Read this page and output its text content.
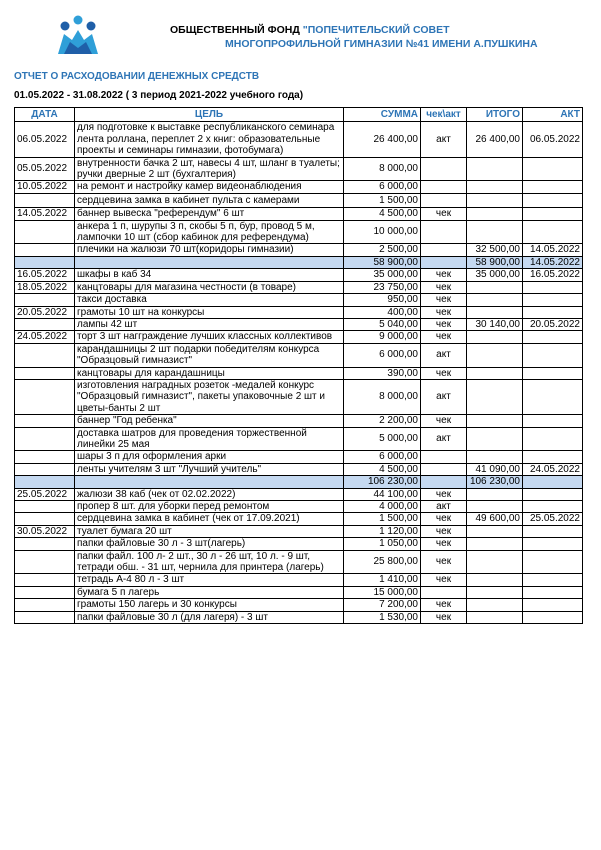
ОБЩЕСТВЕННЫЙ ФОНД "ПОПЕЧИТЕЛЬСКИЙ СОВЕТ
МНОГОПРОФИЛЬНОЙ ГИМНАЗИИ №41 ИМЕНИ А.ПУШКИНА
ОТЧЕТ О РАСХОДОВАНИИ ДЕНЕЖНЫХ СРЕДСТВ
01.05.2022 - 31.08.2022 ( 3 период 2021-2022 учебного года)
ДАТА	ЦЕЛЬ	СУММА	чек\акт	ИТОГО	АКТ
06.05.2022	для подготовке к выставке республиканского семинара лента роллана, переплет 2 х книг: образовательные проекты и семинары гимназии, фотобумага)	26 400,00	акт	26 400,00	06.05.2022
05.05.2022	внутренности бачка 2 шт, навесы 4 шт, шланг в туалеты; ручки дверные 2 шт (бухгалтерия)	8 000,00			
10.05.2022	на ремонт и настройку камер видеонаблюдения	6 000,00			
	сердцевина замка в кабинет пульта с камерами	1 500,00			
14.05.2022	баннер вывеска "референдум" 6 шт	4 500,00	чек		
	анкера 1 п, шурупы 3 п, скобы 5 п, бур, провод 5 м, лампочки 10 шт (сбор кабинок для референдума)	10 000,00			
	плечики на жалюзи 70 шт(коридоры гимназии)	2 500,00		32 500,00	14.05.2022
		58 900,00		58 900,00	14.05.2022
16.05.2022	шкафы в каб 34	35 000,00	чек	35 000,00	16.05.2022
18.05.2022	канцтовары для магазина честности (в товаре)	23 750,00	чек		
	такси доставка	950,00	чек		
20.05.2022	грамоты 10 шт на конкурсы	400,00	чек		
	лампы 42 шт	5 040,00	чек	30 140,00	20.05.2022
24.05.2022	торт 3 шт нагграждение лучших классных коллективов	9 000,00	чек		
	карандашницы 2 шт подарки победителям конкурса "Образцовый гимназист"	6 000,00	акт		
	канцтовары для карандашницы	390,00	чек		
	изготовления наградных розеток -медалей конкурс "Образцовый гимназист", пакеты упаковочные 2 шт и цветы-банты 2 шт	8 000,00	акт		
	баннер "Год ребенка"	2 200,00	чек		
	доставка шатров для проведения торжественной линейки 25 мая	5 000,00	акт		
	шары 3 п для оформления арки	6 000,00			
	ленты учителям 3 шт "Лучший учитель"	4 500,00		41 090,00	24.05.2022
		106 230,00		106 230,00	
25.05.2022	жалюзи 38 каб (чек от 02.02.2022)	44 100,00	чек		
	пропер 8 шт. для уборки перед ремонтом	4 000,00	акт		
	сердцевина замка в кабинет (чек от 17.09.2021)	1 500,00	чек	49 600,00	25.05.2022
30.05.2022	туалет бумага 20 шт	1 120,00	чек		
	папки файловые 30 л - 3 шт(лагерь)	1 050,00	чек		
	папки файл. 100 л- 2 шт., 30 л - 26 шт, 10 л. - 9 шт, тетради обш. - 31 шт, чернила для принтера (лагерь)	25 800,00	чек		
	тетрадь А-4 80 л - 3 шт	1 410,00	чек		
	бумага 5 п лагерь	15 000,00			
	грамоты 150 лагерь и 30 конкурсы	7 200,00	чек		
	папки файловые 30 л (для лагеря) - 3 шт	1 530,00	чек		
